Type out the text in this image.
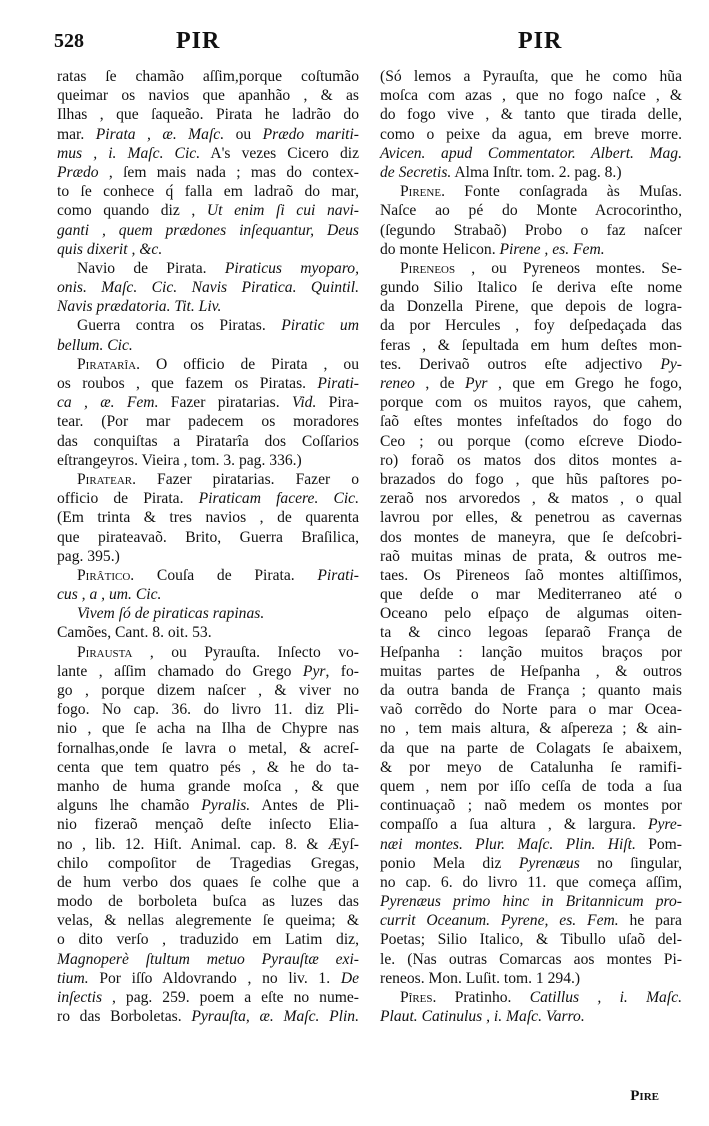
528	PIR	PIR
ratas ſe chamão aſſim,porque coſtumão
queimar os navios que apanhão , & as
Ilhas , que ſaqueão. Pirata he ladrão do
mar. Pirata , æ. Maſc. ou Prædo mariti-
mus , i. Maſc. Cic. A's vezes Cicero diz
Prædo , ſem mais nada ; mas do contex-
to ſe conhece q́ falla em ladraõ do mar,
como quando diz , Ut enim ſi cui navi-
ganti , quem prædones inſequantur, Deus
quis dixerit , &c.
Navio de Pirata. Piraticus myoparo,
onis. Maſc. Cic. Navis Piratica. Quintil.
Navis prædatoria. Tit. Liv.
Guerra contra os Piratas. Piratic um
bellum. Cic.
Piratarîa. O officio de Pirata , ou
os roubos , que fazem os Piratas. Pirati-
ca , æ. Fem. Fazer piratarias. Vid. Pira-
tear. (Por mar padecem os moradores
das conquiſtas a Piratarîa dos Coſſarios
eſtrangeyros. Vieira , tom. 3. pag. 336.)
Piratear. Fazer piratarias. Fazer o
officio de Pirata. Piraticam facere. Cic.
(Em trinta & tres navios , de quarenta
que pirateavaõ. Brito, Guerra Braſilica,
pag. 395.)
Pirâtico. Couſa de Pirata. Pirati-
cus , a , um. Cic.
Vivem ſó de piraticas rapinas.
Camões, Cant. 8. oit. 53.
Pirausta , ou Pyrauſta. Inſecto vo-
lante , aſſim chamado do Grego Pyr, fo-
go , porque dizem naſcer , & viver no
fogo. No cap. 36. do livro 11. diz Pli-
nio , que ſe acha na Ilha de Chypre nas
fornalhas,onde ſe lavra o metal, & acreſ-
centa que tem quatro pés , & he do ta-
manho de huma grande moſca , & que
alguns lhe chamão Pyralis. Antes de Pli-
nio fizeraõ mençaõ deſte inſecto Elia-
no , lib. 12. Hiſt. Animal. cap. 8. & Æyſ-
chilo compoſitor de Tragedias Gregas,
de hum verbo dos quaes ſe colhe que a
modo de borboleta buſca as luzes das
velas, & nellas alegremente ſe queima; &
o dito verſo , traduzido em Latim diz,
Magnoperè ſtultum metuo Pyrauſtæ exi-
tium. Por iſſo Aldovrando , no liv. 1. De
inſectis , pag. 259. poem a eſte no nume-
ro das Borboletas. Pyrauſta, æ. Maſc. Plin.
(Só lemos a Pyrauſta, que he como hũa
moſca com azas , que no fogo naſce , &
do fogo vive , & tanto que tirada delle,
como o peixe da agua, em breve morre.
Avicen. apud Commentator. Albert. Mag.
de Secretis. Alma Inſtr. tom. 2. pag. 8.)
Pirene. Fonte conſagrada às Muſas.
Naſce ao pé do Monte Acrocorintho,
(ſegundo Strabaõ) Probo o faz naſcer
do monte Helicon. Pirene , es. Fem.
Pireneos , ou Pyreneos montes. Se-
gundo Silio Italico ſe deriva eſte nome
da Donzella Pirene, que depois de logra-
da por Hercules , foy deſpedaçada das
feras , & ſepultada em hum deſtes mon-
tes. Derivaõ outros eſte adjectivo Py-
reneo , de Pyr , que em Grego he fogo,
porque com os muitos rayos, que cahem,
ſaõ eſtes montes infeſtados do fogo do
Ceo ; ou porque (como eſcreve Diodo-
ro) foraõ os matos dos ditos montes a-
brazados do fogo , que hũs paſtores po-
zeraõ nos arvoredos , & matos , o qual
lavrou por elles, & penetrou as cavernas
dos montes de maneyra, que ſe deſcobri-
raõ muitas minas de prata, & outros me-
taes. Os Pireneos ſaõ montes altiſſimos,
que deſde o mar Mediterraneo até o
Oceano pelo eſpaço de algumas oiten-
ta & cinco legoas ſeparaõ França de
Heſpanha : lanção muitos braços por
muitas partes de Heſpanha , & outros
da outra banda de França ; quanto mais
vaõ corrẽdo do Norte para o mar Ocea-
no , tem mais altura, & aſpereza ; & ain-
da que na parte de Colagats ſe abaixem,
& por meyo de Catalunha ſe ramifi-
quem , nem por iſſo ceſſa de toda a ſua
continuaçaõ ; naõ medem os montes por
compaſſo a ſua altura , & largura. Pyre-
næi montes. Plur. Maſc. Plin. Hiſt. Pom-
ponio Mela diz Pyrenæus no ſingular,
no cap. 6. do livro 11. que começa aſſim,
Pyrenæus primo hinc in Britannicum pro-
currit Oceanum. Pyrene, es. Fem. he para
Poetas; Silio Italico, & Tibullo uſaõ del-
le. (Nas outras Comarcas aos montes Pi-
reneos. Mon. Luſit. tom. 1 294.)
Pîres. Pratinho. Catillus , i. Maſc.
Plaut. Catinulus , i. Maſc. Varro.
Pire
